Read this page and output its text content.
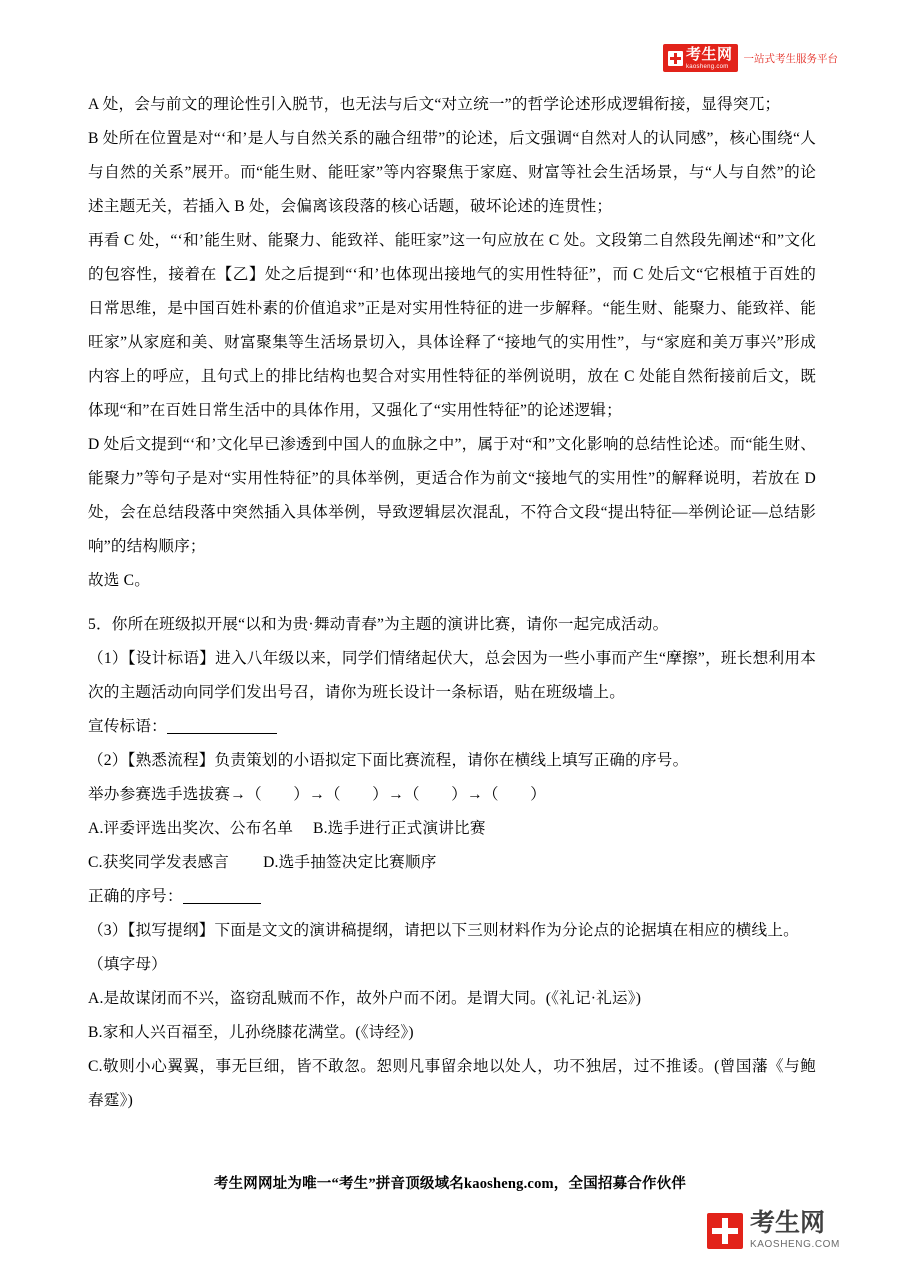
考生网
kaosheng.com
一站式考生服务平台

A 处，会与前文的理论性引入脱节，也无法与后文“对立统一”的哲学论述形成逻辑衔接，显得突兀；

B 处所在位置是对“‘和’是人与自然关系的融合纽带”的论述，后文强调“自然对人的认同感”，核心围绕“人与自然的关系”展开。而“能生财、能旺家”等内容聚焦于家庭、财富等社会生活场景，与“人与自然”的论述主题无关，若插入 B 处，会偏离该段落的核心话题，破坏论述的连贯性；

再看 C 处，“‘和’能生财、能聚力、能致祥、能旺家”这一句应放在 C 处。文段第二自然段先阐述“和”文化的包容性，接着在【乙】处之后提到“‘和’也体现出接地气的实用性特征”，而 C 处后文“它根植于百姓的日常思维，是中国百姓朴素的价值追求”正是对实用性特征的进一步解释。“能生财、能聚力、能致祥、能旺家”从家庭和美、财富聚集等生活场景切入，具体诠释了“接地气的实用性”，与“家庭和美万事兴”形成内容上的呼应，且句式上的排比结构也契合对实用性特征的举例说明，放在 C 处能自然衔接前后文，既体现“和”在百姓日常生活中的具体作用，又强化了“实用性特征”的论述逻辑；

D 处后文提到“‘和’文化早已渗透到中国人的血脉之中”，属于对“和”文化影响的总结性论述。而“能生财、能聚力”等句子是对“实用性特征”的具体举例，更适合作为前文“接地气的实用性”的解释说明，若放在 D 处，会在总结段落中突然插入具体举例，导致逻辑层次混乱，不符合文段“提出特征—举例论证—总结影响”的结构顺序；

故选 C。

5．你所在班级拟开展“以和为贵·舞动青春”为主题的演讲比赛，请你一起完成活动。

（1）【设计标语】进入八年级以来，同学们情绪起伏大，总会因为一些小事而产生“摩擦”，班长想利用本次的主题活动向同学们发出号召，请你为班长设计一条标语，贴在班级墙上。

宣传标语：

（2）【熟悉流程】负责策划的小语拟定下面比赛流程，请你在横线上填写正确的序号。

举办参赛选手选拔赛→（　　）→（　　）→（　　）→（　　）

A.评委评选出奖次、公布名单　 B.选手进行正式演讲比赛

C.获奖同学发表感言 D.选手抽签决定比赛顺序

正确的序号：

（3）【拟写提纲】下面是文文的演讲稿提纲，请把以下三则材料作为分论点的论据填在相应的横线上。

（填字母）

A.是故谋闭而不兴，盗窃乱贼而不作，故外户而不闭。是谓大同。(《礼记·礼运》)

B.家和人兴百福至，儿孙绕膝花满堂。(《诗经》)

C.敬则小心翼翼，事无巨细，皆不敢忽。恕则凡事留余地以处人，功不独居，过不推诿。(曾国藩《与鲍春霆》)

考生网网址为唯一“考生”拼音顶级域名kaosheng.com，全国招募合作伙伴
考生网
KAOSHENG.COM
